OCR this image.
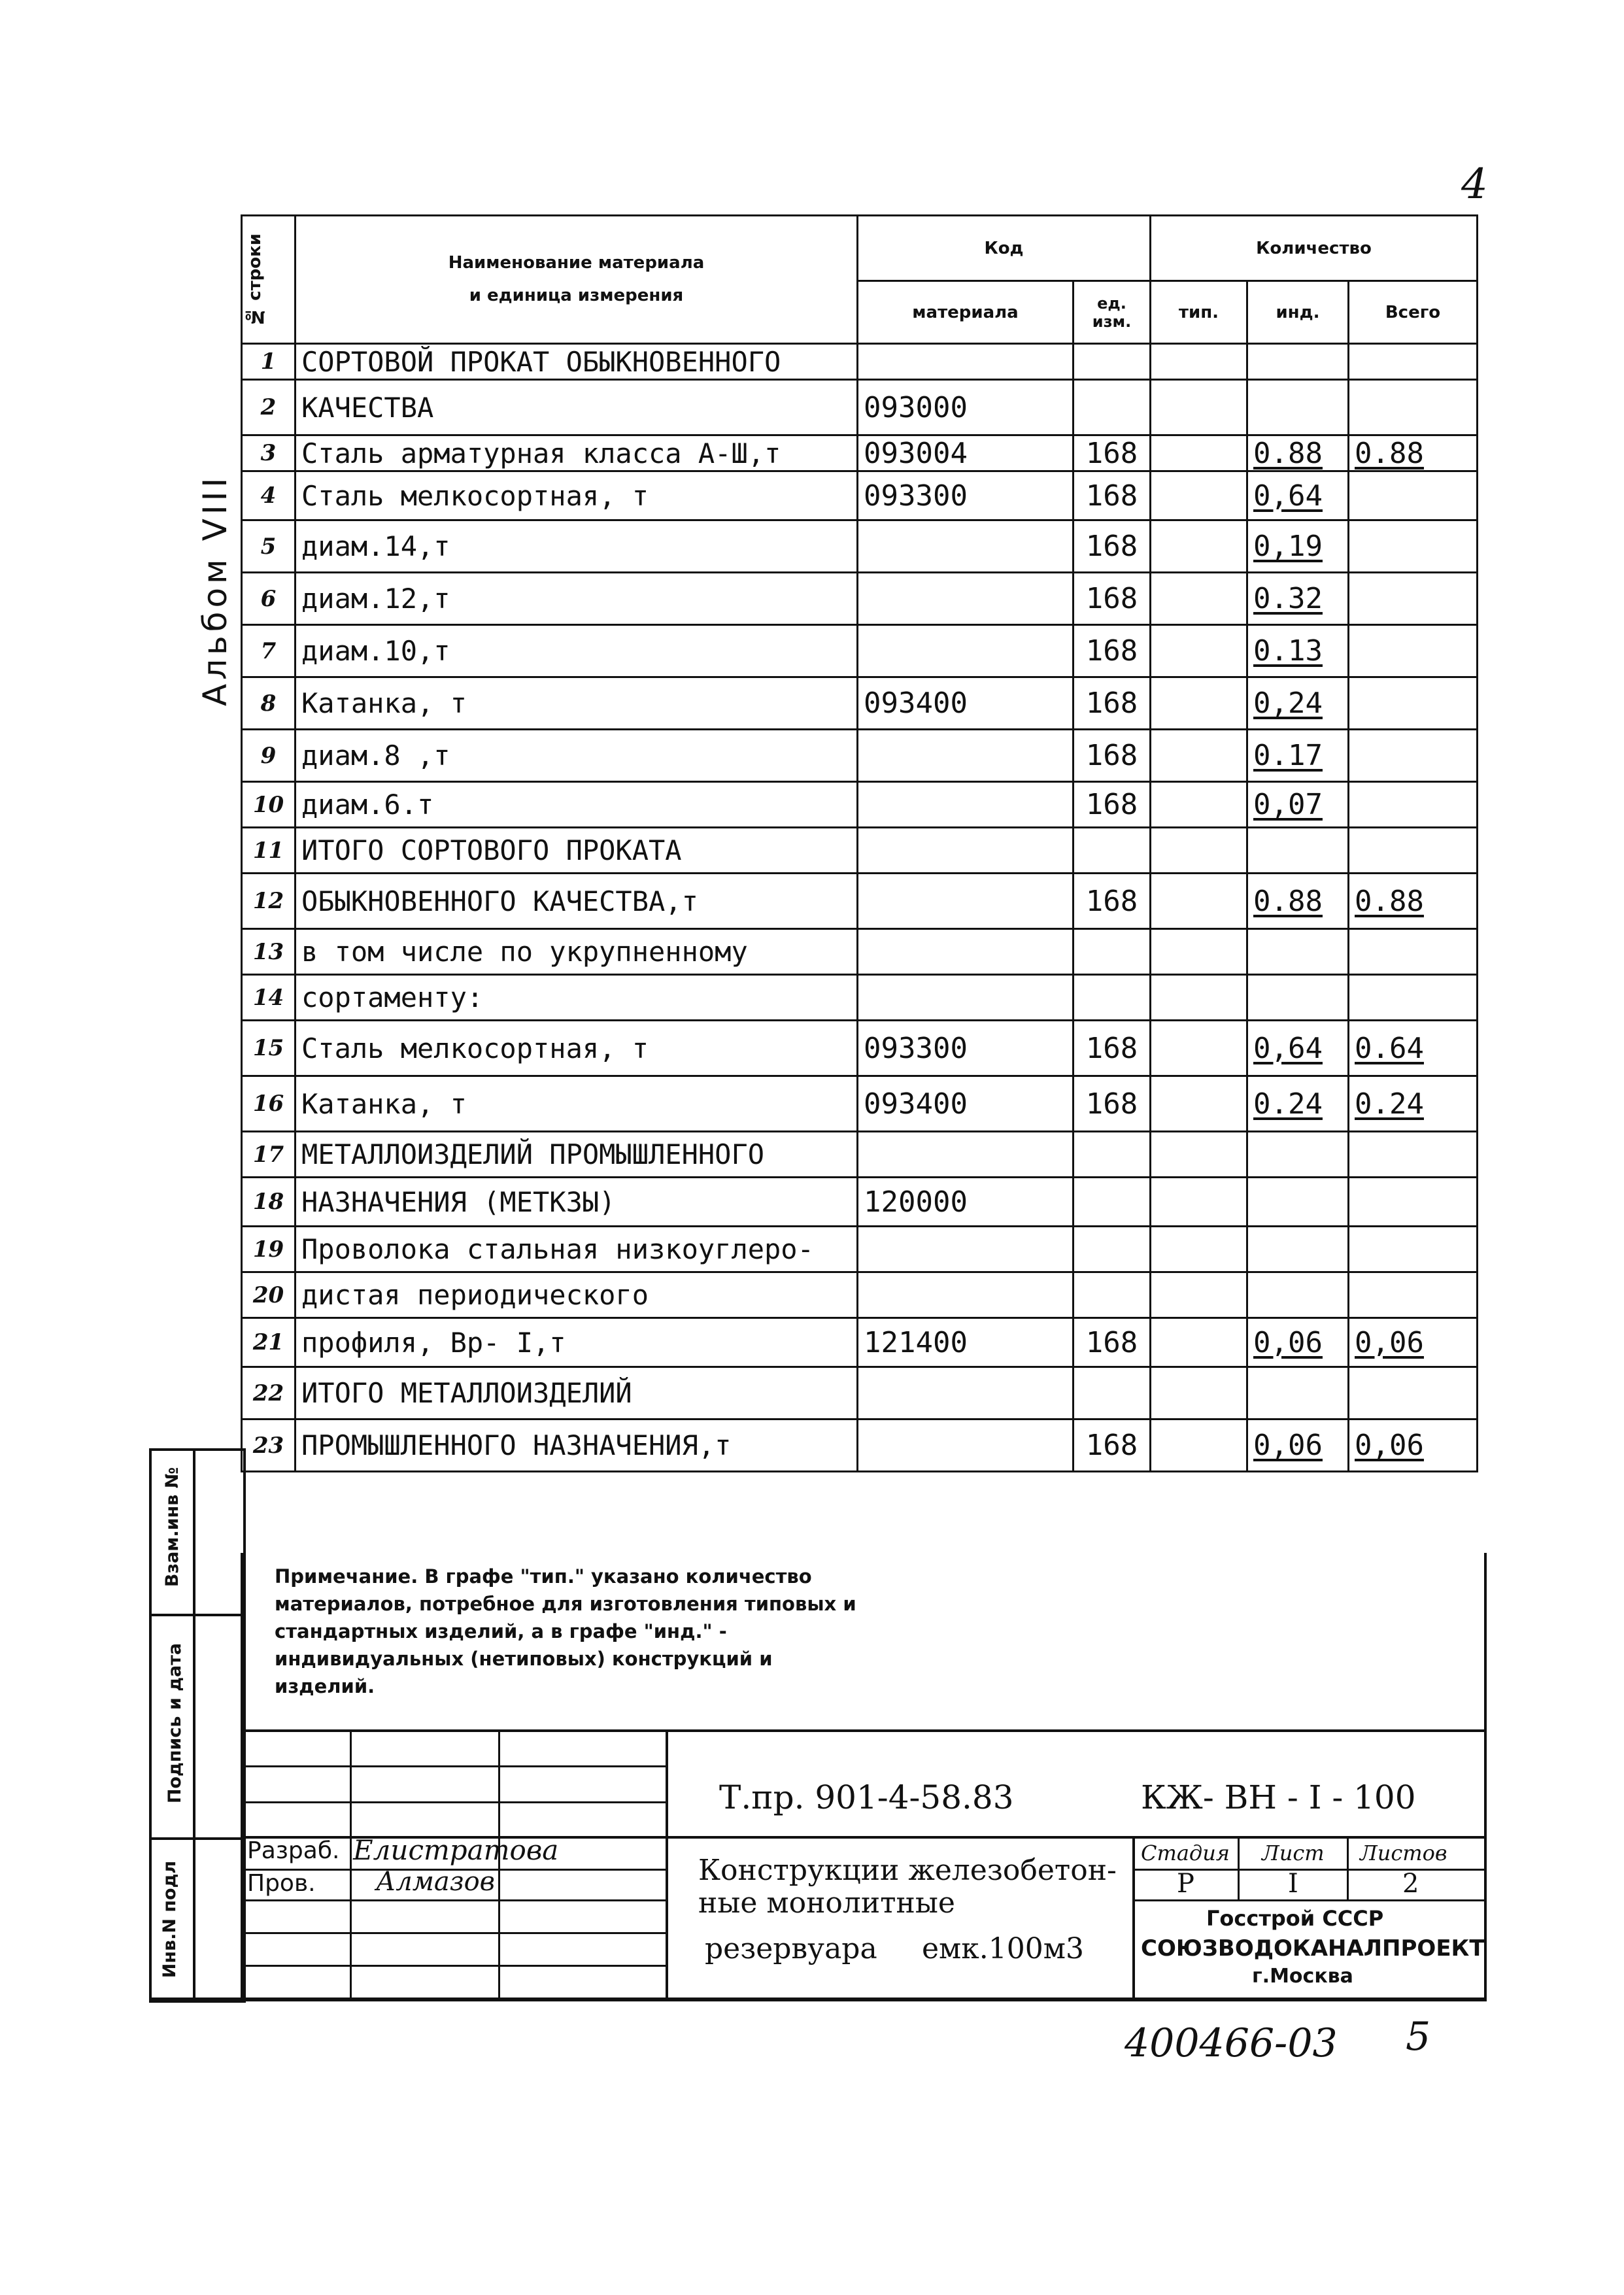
4
Альбом VIII
№ строки	Наименование материала
и единица измерения	Код		Количество		
		материала	ед. изм.	тип.	инд.	Всего
1	СОРТОВОЙ ПРОКАТ ОБЫКНОВЕННОГО					
2	КАЧЕСТВА	093000				
3	Сталь арматурная класса А-Ш,т	093004	168		0.88	0.88
4	Сталь мелкосортная, т	093300	168		0,64	
5	диам.14,т		168		0,19	
6	диам.12,т		168		0.32	
7	диам.10,т		168		0.13	
8	Катанка, т	093400	168		0,24	
9	диам.8 ,т		168		0.17	
10	диам.6.т		168		0,07	
11	ИТОГО СОРТОВОГО ПРОКАТА					
12	ОБЫКНОВЕННОГО КАЧЕСТВА,т		168		0.88	0.88
13	в том числе по укрупненному					
14	сортаменту:					
15	Сталь мелкосортная, т	093300	168		0,64	0.64
16	Катанка, т	093400	168		0.24	0.24
17	МЕТАЛЛОИЗДЕЛИЙ ПРОМЫШЛЕННОГО					
18	НАЗНАЧЕНИЯ (МЕТКЗЫ)	120000				
19	Проволока стальная низкоуглеро-					
20	дистая периодического					
21	профиля, Вр- I,т	121400	168		0,06	0,06
22	ИТОГО МЕТАЛЛОИЗДЕЛИЙ					
23	ПРОМЫШЛЕННОГО НАЗНАЧЕНИЯ,т		168		0,06	0,06
Примечание. В графе "тип." указано количество материалов, потребное для изготовления типовых и стандартных изделий, а в графе "инд." - индивидуальных (нетиповых) конструкций и изделий.
Взам.инв №
Подпись и дата
Инв.N подл
Т.пр. 901-4-58.83	КЖ- ВН - I - 100
Разраб. Елистратова
Пров. Алмазов	Конструкции железобетон-
ные монолитные
резервуара емк.100м3
Стадия Лист Листов
Р	I	2
Госстрой СССР
СОЮЗВОДОКАНАЛПРОЕКТ
г.Москва
400466-03 5
